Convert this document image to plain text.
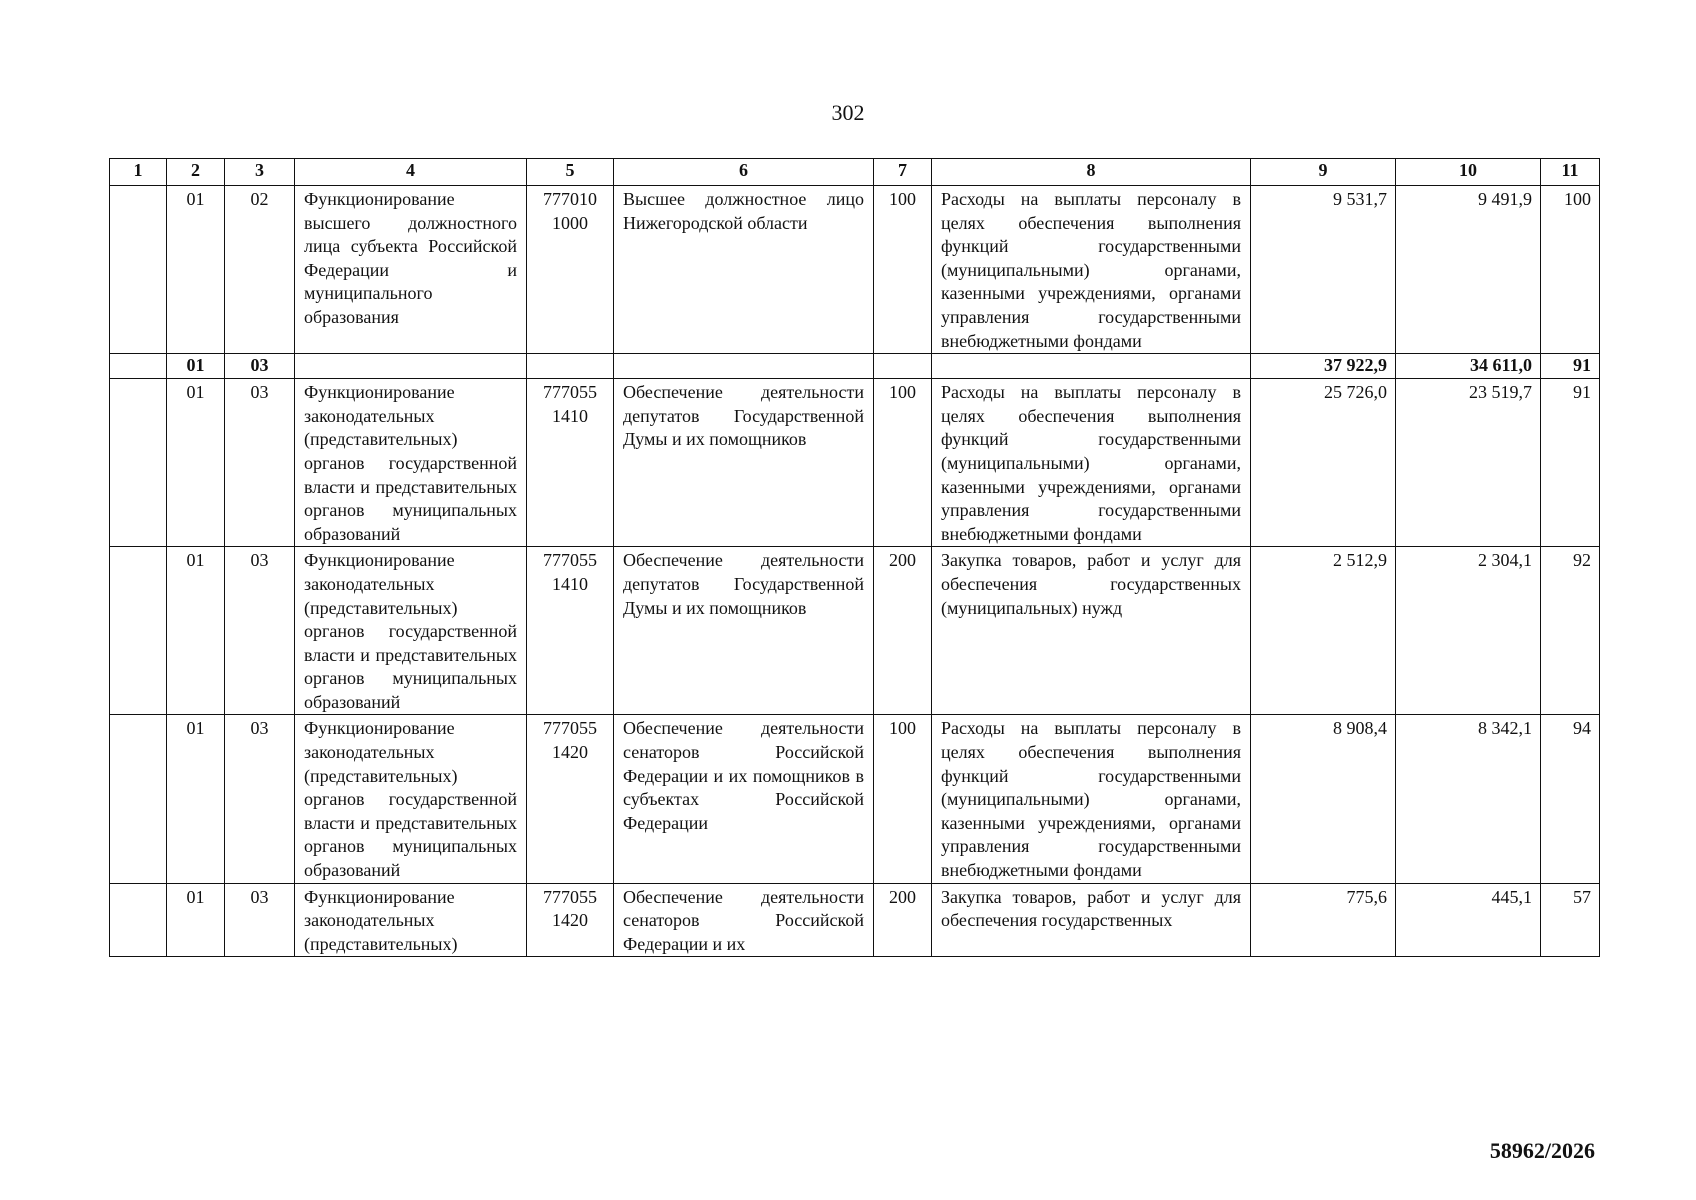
302
1	2	3	4	5	6	7	8	9	10	11
	01	02	Функционирование высшего должностного лица субъекта Российской Федерации и муниципального образования	777010 1000	Высшее должностное лицо Нижегородской области	100	Расходы на выплаты персоналу в целях обеспечения выполнения функций государственными (муниципальными) органами, казенными учреждениями, органами управления государственными внебюджетными фондами	9 531,7	9 491,9	100
	01	03						37 922,9	34 611,0	91
	01	03	Функционирование законодательных (представительных) органов государственной власти и представительных органов муниципальных образований	777055 1410	Обеспечение деятельности депутатов Государственной Думы и их помощников	100	Расходы на выплаты персоналу в целях обеспечения выполнения функций государственными (муниципальными) органами, казенными учреждениями, органами управления государственными внебюджетными фондами	25 726,0	23 519,7	91
	01	03	Функционирование законодательных (представительных) органов государственной власти и представительных органов муниципальных образований	777055 1410	Обеспечение деятельности депутатов Государственной Думы и их помощников	200	Закупка товаров, работ и услуг для обеспечения государственных (муниципальных) нужд	2 512,9	2 304,1	92
	01	03	Функционирование законодательных (представительных) органов государственной власти и представительных органов муниципальных образований	777055 1420	Обеспечение деятельности сенаторов Российской Федерации и их помощников в субъектах Российской Федерации	100	Расходы на выплаты персоналу в целях обеспечения выполнения функций государственными (муниципальными) органами, казенными учреждениями, органами управления государственными внебюджетными фондами	8 908,4	8 342,1	94
	01	03	Функционирование законодательных (представительных)	777055 1420	Обеспечение деятельности сенаторов Российской Федерации и их	200	Закупка товаров, работ и услуг для обеспечения государственных	775,6	445,1	57
58962/2026
